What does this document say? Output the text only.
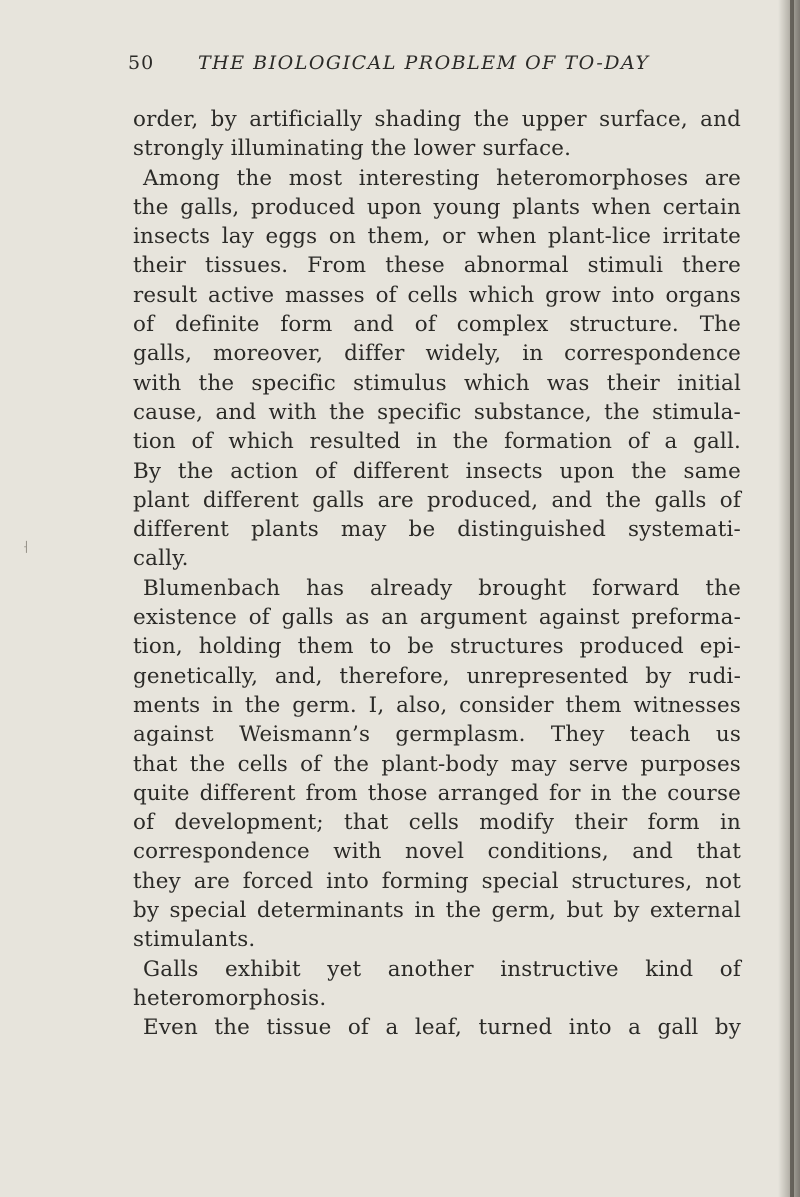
50 THE BIOLOGICAL PROBLEM OF TO-DAY
order, by artificially shading the upper surface, and
strongly illuminating the lower surface.
Among the most interesting heteromorphoses are
the galls, produced upon young plants when certain
insects lay eggs on them, or when plant-lice irritate
their tissues. From these abnormal stimuli there
result active masses of cells which grow into organs
of definite form and of complex structure. The
galls, moreover, differ widely, in correspondence
with the specific stimulus which was their initial
cause, and with the specific substance, the stimula-
tion of which resulted in the formation of a gall.
By the action of different insects upon the same
plant different galls are produced, and the galls of
different plants may be distinguished systemati-
cally.
Blumenbach has already brought forward the
existence of galls as an argument against preforma-
tion, holding them to be structures produced epi-
genetically, and, therefore, unrepresented by rudi-
ments in the germ. I, also, consider them witnesses
against Weismann’s germplasm. They teach us
that the cells of the plant-body may serve purposes
quite different from those arranged for in the course
of development; that cells modify their form in
correspondence with novel conditions, and that
they are forced into forming special structures, not
by special determinants in the germ, but by external
stimulants.
Galls exhibit yet another instructive kind of
heteromorphosis.
Even the tissue of a leaf, turned into a gall by
⸡
